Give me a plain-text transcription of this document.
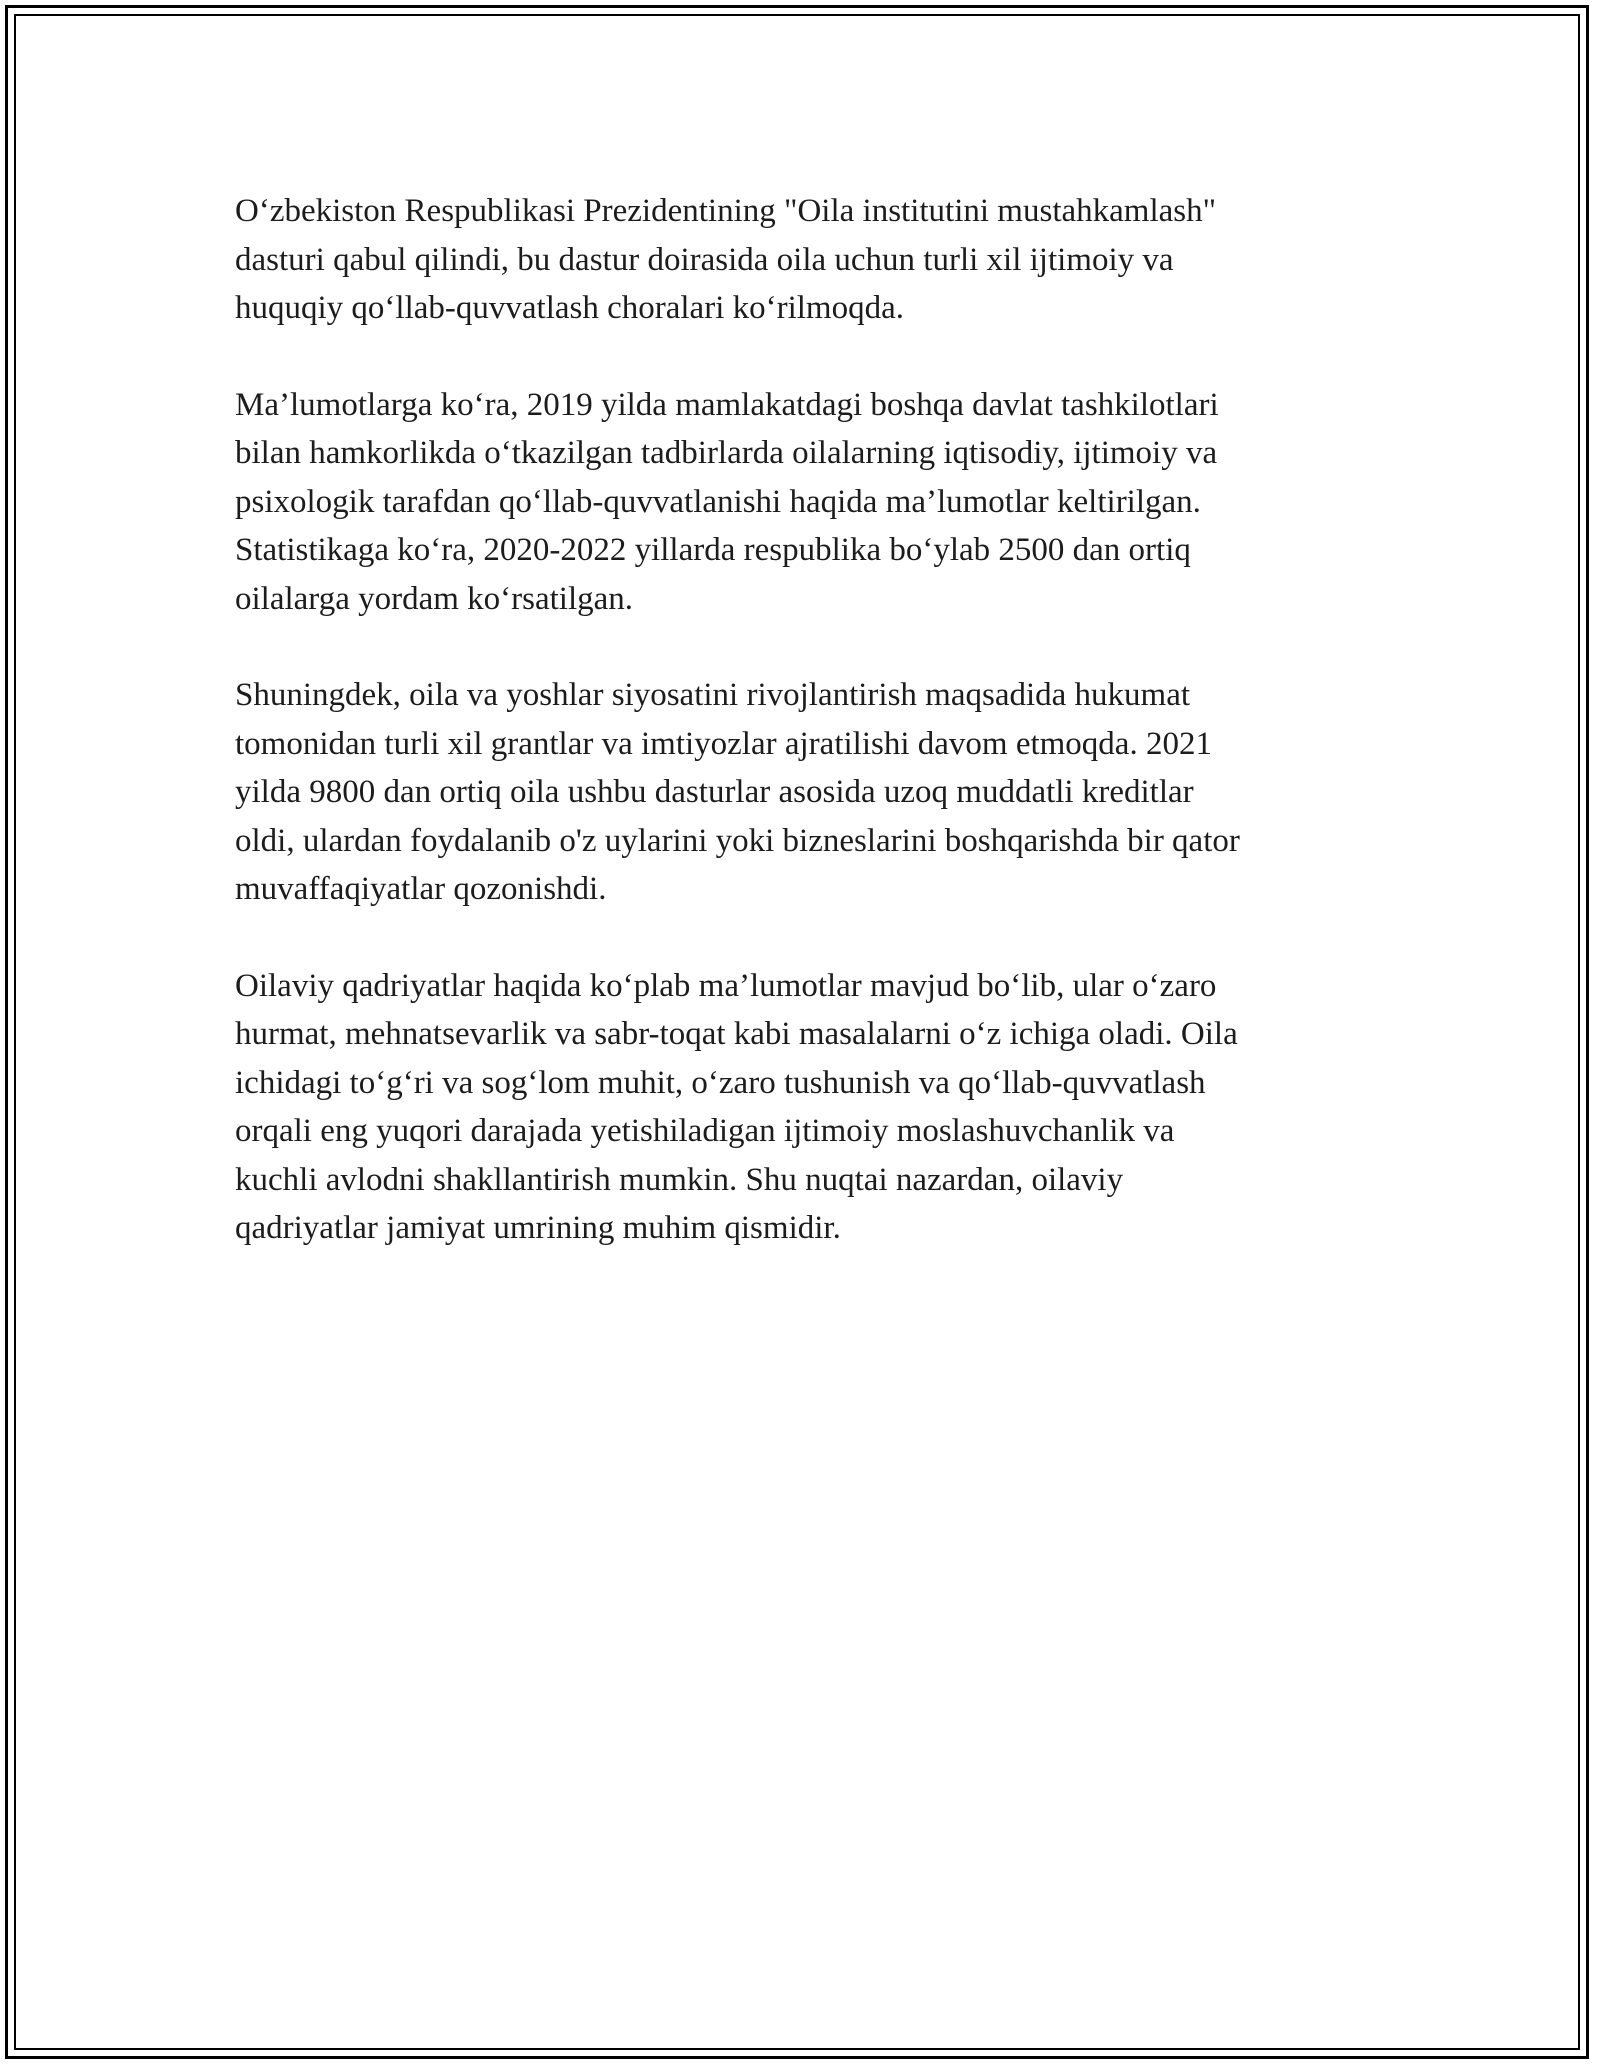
O‘zbekiston Respublikasi Prezidentining "Oila institutini mustahkamlash"
dasturi qabul qilindi, bu dastur doirasida oila uchun turli xil ijtimoiy va
huquqiy qo‘llab-quvvatlash choralari ko‘rilmoqda.

Ma’lumotlarga ko‘ra, 2019 yilda mamlakatdagi boshqa davlat tashkilotlari
bilan hamkorlikda o‘tkazilgan tadbirlarda oilalarning iqtisodiy, ijtimoiy va
psixologik tarafdan qo‘llab-quvvatlanishi haqida ma’lumotlar keltirilgan.
Statistikaga ko‘ra, 2020-2022 yillarda respublika bo‘ylab 2500 dan ortiq
oilalarga yordam ko‘rsatilgan.

Shuningdek, oila va yoshlar siyosatini rivojlantirish maqsadida hukumat
tomonidan turli xil grantlar va imtiyozlar ajratilishi davom etmoqda. 2021
yilda 9800 dan ortiq oila ushbu dasturlar asosida uzoq muddatli kreditlar
oldi, ulardan foydalanib o'z uylarini yoki bizneslarini boshqarishda bir qator
muvaffaqiyatlar qozonishdi.

Oilaviy qadriyatlar haqida ko‘plab ma’lumotlar mavjud bo‘lib, ular o‘zaro
hurmat, mehnatsevarlik va sabr-toqat kabi masalalarni o‘z ichiga oladi. Oila
ichidagi to‘g‘ri va sog‘lom muhit, o‘zaro tushunish va qo‘llab-quvvatlash
orqali eng yuqori darajada yetishiladigan ijtimoiy moslashuvchanlik va
kuchli avlodni shakllantirish mumkin. Shu nuqtai nazardan, oilaviy
qadriyatlar jamiyat umrining muhim qismidir.
